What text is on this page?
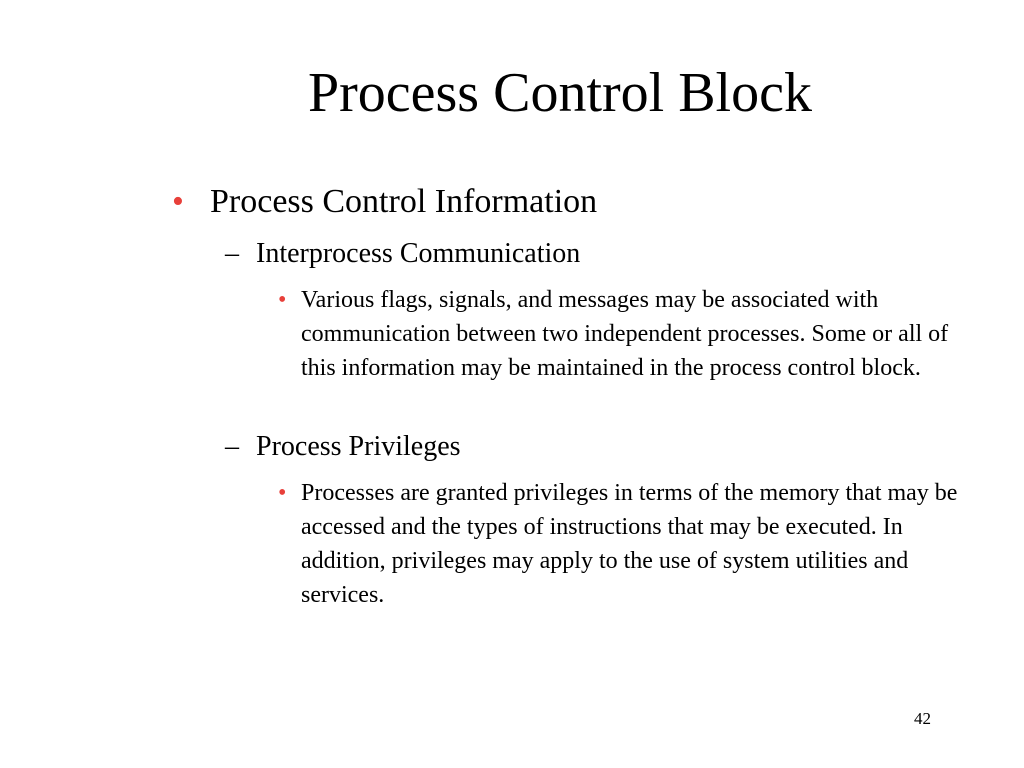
Process Control Block
• Process Control Information
– Interprocess Communication
• Various flags, signals, and messages may be associated with communication between two independent processes. Some or all of this information may be maintained in the process control block.
– Process Privileges
• Processes are granted privileges in terms of the memory that may be accessed and the types of instructions that may be executed. In addition, privileges may apply to the use of system utilities and services.
42
